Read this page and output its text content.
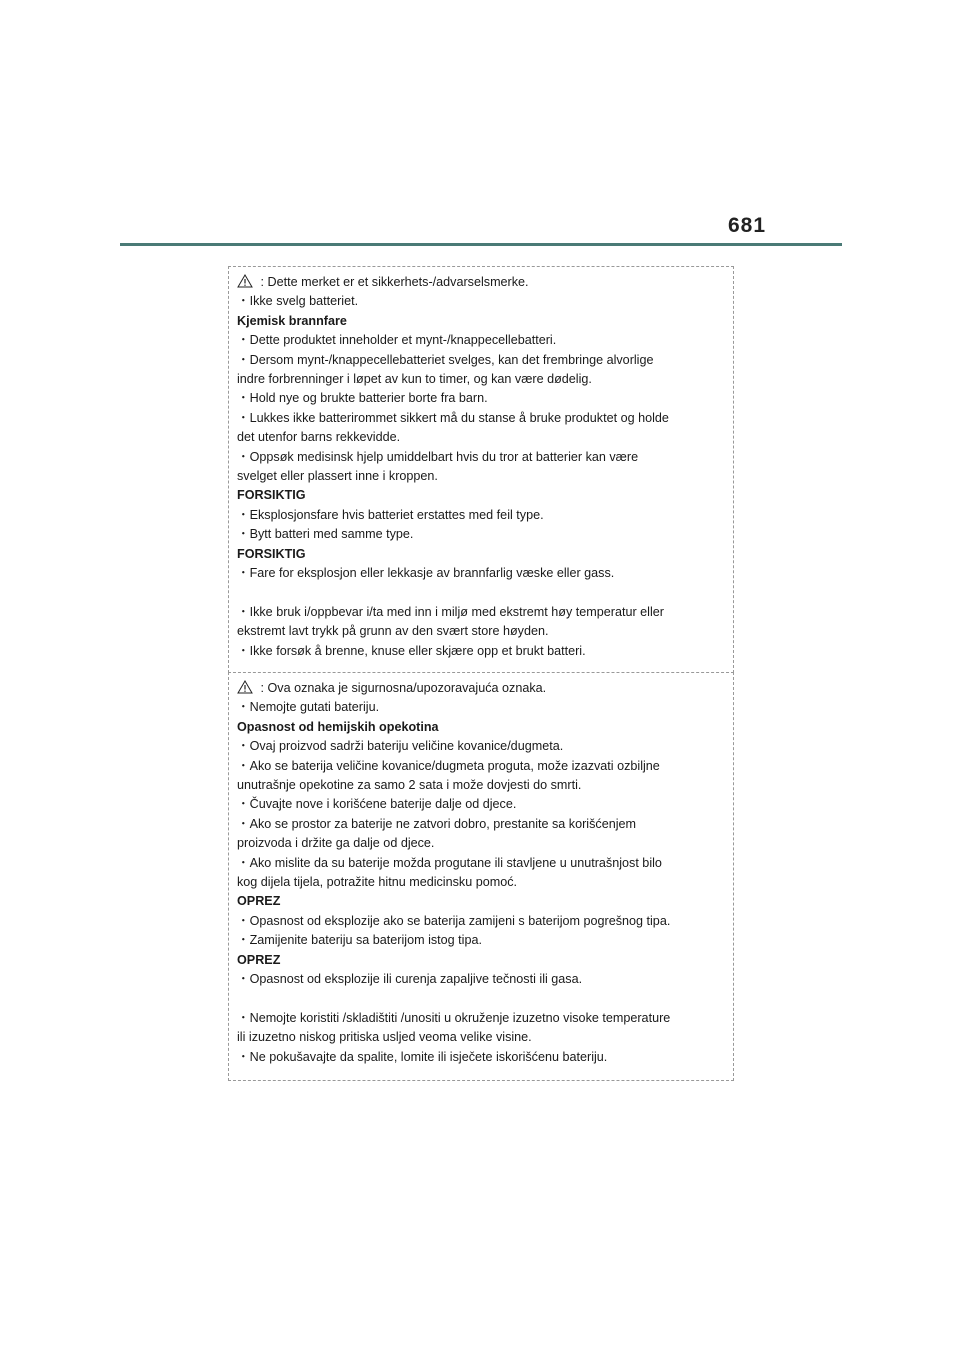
681
: Dette merket er et sikkerhets-/advarselsmerke.
・Ikke svelg batteriet.
Kjemisk brannfare
・Dette produktet inneholder et mynt-/knappecellebatteri.
・Dersom mynt-/knappecellebatteriet svelges, kan det frembringe alvorlige
indre forbrenninger i løpet av kun to timer, og kan være dødelig.
・Hold nye og brukte batterier borte fra barn.
・Lukkes ikke batterirommet sikkert må du stanse å bruke produktet og holde
det utenfor barns rekkevidde.
・Oppsøk medisinsk hjelp umiddelbart hvis du tror at batterier kan være
svelget eller plassert inne i kroppen.
FORSIKTIG
・Eksplosjonsfare hvis batteriet erstattes med feil type.
・Bytt batteri med samme type.
FORSIKTIG
・Fare for eksplosjon eller lekkasje av brannfarlig væske eller gass.
・Ikke bruk i/oppbevar i/ta med inn i miljø med ekstremt høy temperatur eller
ekstremt lavt trykk på grunn av den svært store høyden.
・Ikke forsøk å brenne, knuse eller skjære opp et brukt batteri.
: Ova oznaka je sigurnosna/upozoravajuća oznaka.
・Nemojte gutati bateriju.
Opasnost od hemijskih opekotina
・Ovaj proizvod sadrži bateriju veličine kovanice/dugmeta.
・Ako se baterija veličine kovanice/dugmeta proguta, može izazvati ozbiljne
unutrašnje opekotine za samo 2 sata i može dovjesti do smrti.
・Čuvajte nove i korišćene baterije dalje od djece.
・Ako se prostor za baterije ne zatvori dobro, prestanite sa korišćenjem
proizvoda i držite ga dalje od djece.
・Ako mislite da su baterije možda progutane ili stavljene u unutrašnjost bilo
kog dijela tijela, potražite hitnu medicinsku pomoć.
OPREZ
・Opasnost od eksplozije ako se baterija zamijeni s baterijom pogrešnog tipa.
・Zamijenite bateriju sa baterijom istog tipa.
OPREZ
・Opasnost od eksplozije ili curenja zapaljive tečnosti ili gasa.
・Nemojte koristiti /skladištiti /unositi u okruženje izuzetno visoke temperature
ili izuzetno niskog pritiska usljed veoma velike visine.
・Ne pokušavajte da spalite, lomite ili isječete iskorišćenu bateriju.
